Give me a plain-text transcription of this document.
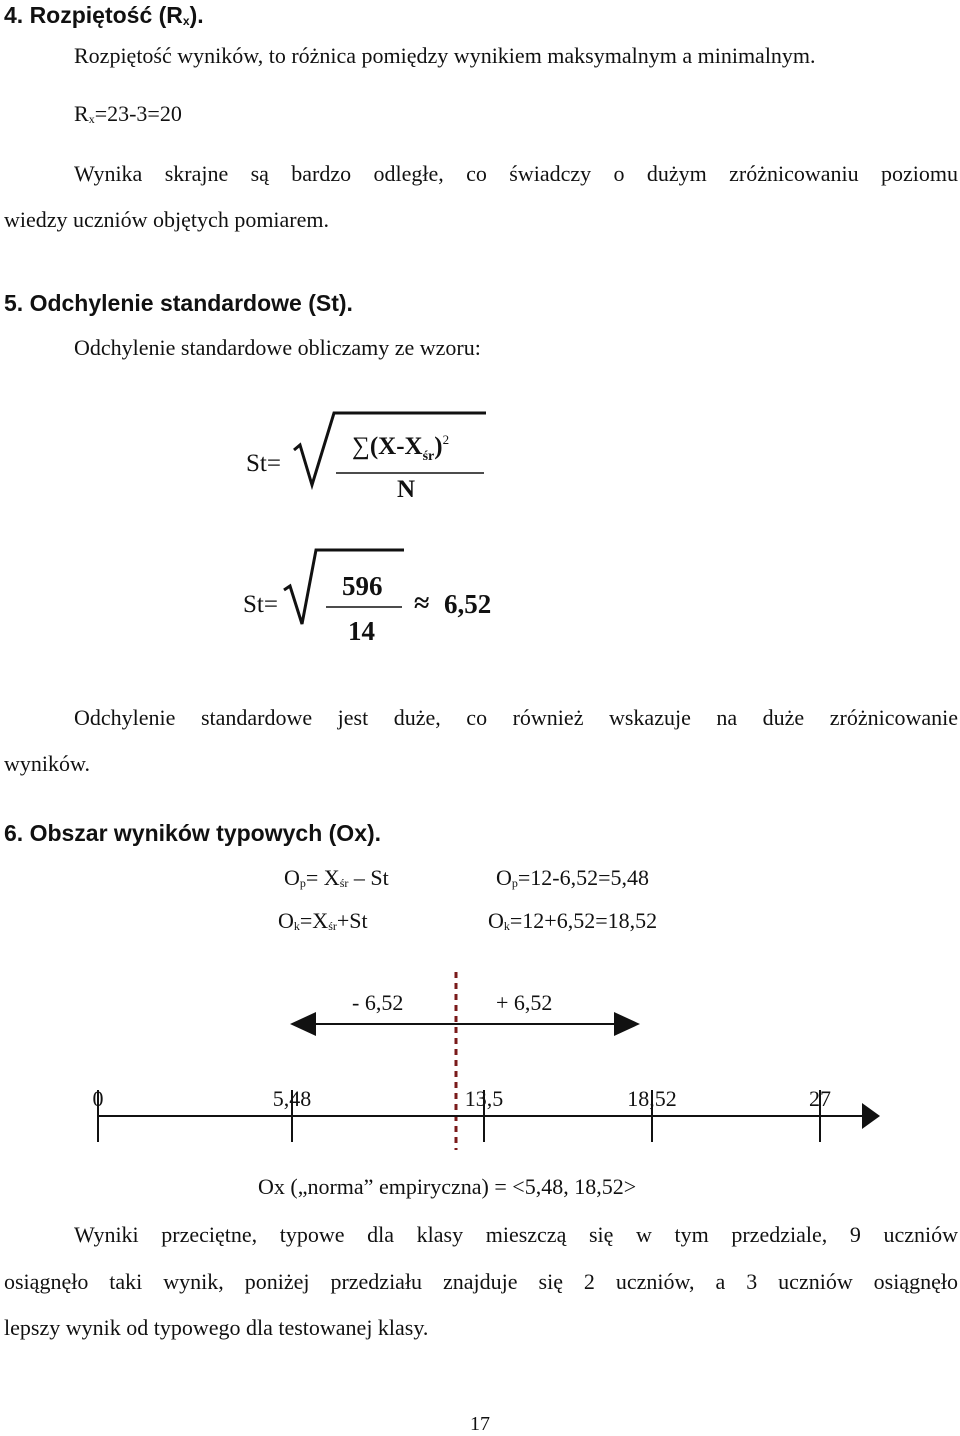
4. Rozpiętość $(R_x)$.
Rozpiętość wyników, to różnica pomiędzy wynikiem maksymalnym a minimalnym.
$R_x=23-3=20$
Wynika skrajne są bardzo odległe, co świadczy o dużym zróżnicowaniu poziomu
wiedzy uczniów objętych pomiarem.
5. Odchylenie standardowe (St).
Odchylenie standardowe obliczamy ze wzoru:
St=
$\sum(X-X_{śr})^2$
N
St=
596
14
≈ 6,52
Odchylenie standardowe jest duże, co również wskazuje na duże zróżnicowanie
wyników.
6. Obszar wyników typowych (Ox).
$O_p= X_{śr} - St$
$O_k=X_{śr}+St$
$O_p=12-6,52=5,48$
$O_k=12+6,52=18,52$
- 6,52	+ 6,52
0	5,48	13,5	18,52	27
Ox („norma” empiryczna) = <5,48, 18,52>
Wyniki przeciętne, typowe dla klasy mieszczą się w tym przedziale, 9 uczniów
osiągnęło taki wynik, poniżej przedziału znajduje się 2 uczniów, a 3 uczniów osiągnęło
lepszy wynik od typowego dla testowanej klasy.
17
